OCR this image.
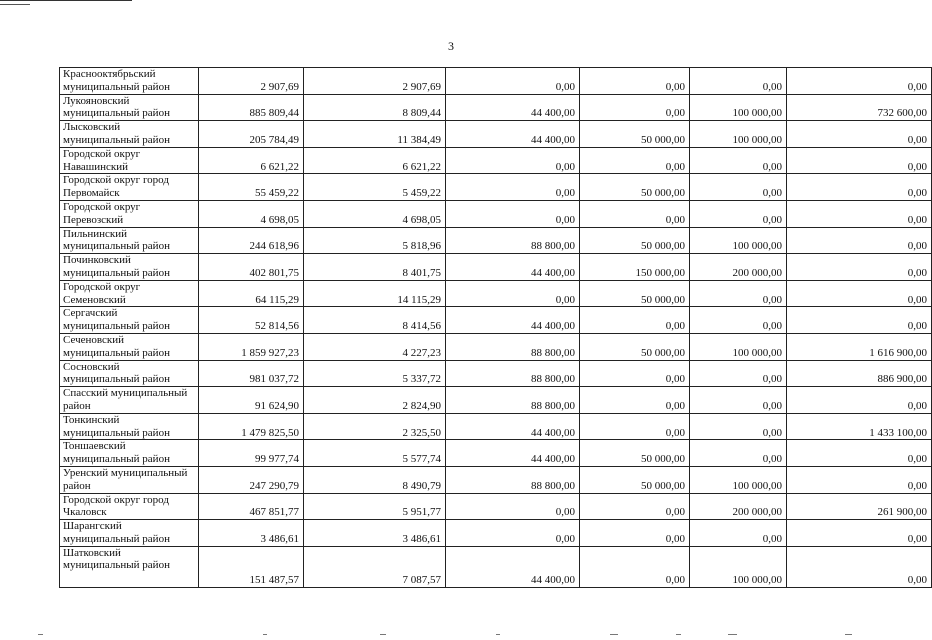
3
Краснооктябрьский муниципальный район	2 907,69	2 907,69	0,00	0,00	0,00	0,00
Лукояновский муниципальный район	885 809,44	8 809,44	44 400,00	0,00	100 000,00	732 600,00
Лысковский муниципальный район	205 784,49	11 384,49	44 400,00	50 000,00	100 000,00	0,00
Городской округ Навашинский	6 621,22	6 621,22	0,00	0,00	0,00	0,00
Городской округ город Первомайск	55 459,22	5 459,22	0,00	50 000,00	0,00	0,00
Городской округ Перевозский	4 698,05	4 698,05	0,00	0,00	0,00	0,00
Пильнинский муниципальный район	244 618,96	5 818,96	88 800,00	50 000,00	100 000,00	0,00
Починковский муниципальный район	402 801,75	8 401,75	44 400,00	150 000,00	200 000,00	0,00
Городской округ Семеновский	64 115,29	14 115,29	0,00	50 000,00	0,00	0,00
Сергачский муниципальный район	52 814,56	8 414,56	44 400,00	0,00	0,00	0,00
Сеченовский муниципальный район	1 859 927,23	4 227,23	88 800,00	50 000,00	100 000,00	1 616 900,00
Сосновский муниципальный район	981 037,72	5 337,72	88 800,00	0,00	0,00	886 900,00
Спасский муниципальный район	91 624,90	2 824,90	88 800,00	0,00	0,00	0,00
Тонкинский муниципальный район	1 479 825,50	2 325,50	44 400,00	0,00	0,00	1 433 100,00
Тоншаевский муниципальный район	99 977,74	5 577,74	44 400,00	50 000,00	0,00	0,00
Уренский муниципальный район	247 290,79	8 490,79	88 800,00	50 000,00	100 000,00	0,00
Городской округ город Чкаловск	467 851,77	5 951,77	0,00	0,00	200 000,00	261 900,00
Шарангский муниципальный район	3 486,61	3 486,61	0,00	0,00	0,00	0,00
Шатковский муниципальный район	151 487,57	7 087,57	44 400,00	0,00	100 000,00	0,00
